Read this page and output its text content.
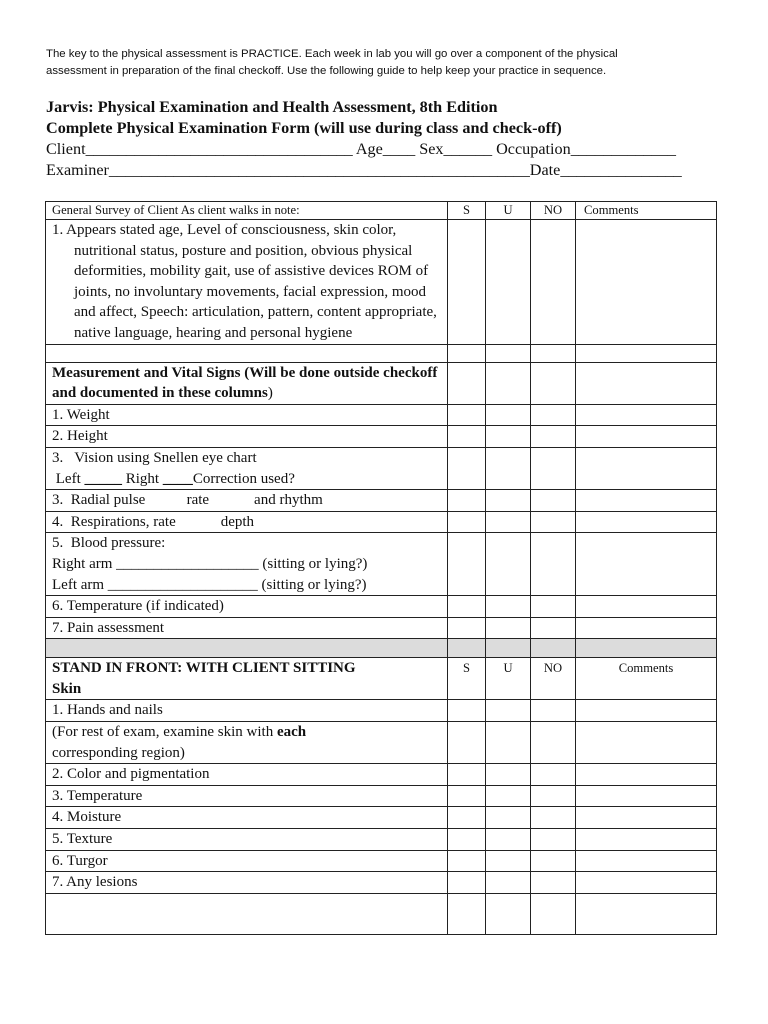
The key to the physical assessment is PRACTICE. Each week in lab you will go over a component of the physical
assessment in preparation of the final checkoff. Use the following guide to help keep your practice in sequence.
Jarvis: Physical Examination and Health Assessment, 8th Edition
Complete Physical Examination Form (will use during class and check-off)
Client_________________________________ Age____ Sex______ Occupation_____________
Examiner____________________________________________________Date_______________
General Survey of Client As client walks in note:	S	U	NO	Comments

1. Appears stated age, Level of consciousness, skin color, nutritional status, posture and position, obvious physical deformities, mobility gait, use of assistive devices ROM of joints, no involuntary movements, facial expression, mood and affect, Speech: articulation, pattern, content appropriate, native language, hearing and personal hygiene				

Measurement and Vital Signs (Will be done outside checkoff and documented in these columns)				
1. Weight				
2. Height				

3.   Vision using Snellen eye chart
Left _____ Right ____Correction used?				
3.  Radial pulse           rate            and rhythm				
4.  Respirations, rate            depth				

5.  Blood pressure:
Right arm ___________________ (sitting or lying?)
Left arm ____________________ (sitting or lying?)				

6. Temperature (if indicated)				
7. Pain assessment				

STAND IN FRONT: WITH CLIENT SITTING
Skin	S	U	NO	Comments
1. Hands and nails				
(For rest of exam, examine skin with each
corresponding region)				
2. Color and pigmentation				
3. Temperature				
4. Moisture				
5. Texture				
6. Turgor				
7. Any lesions				
